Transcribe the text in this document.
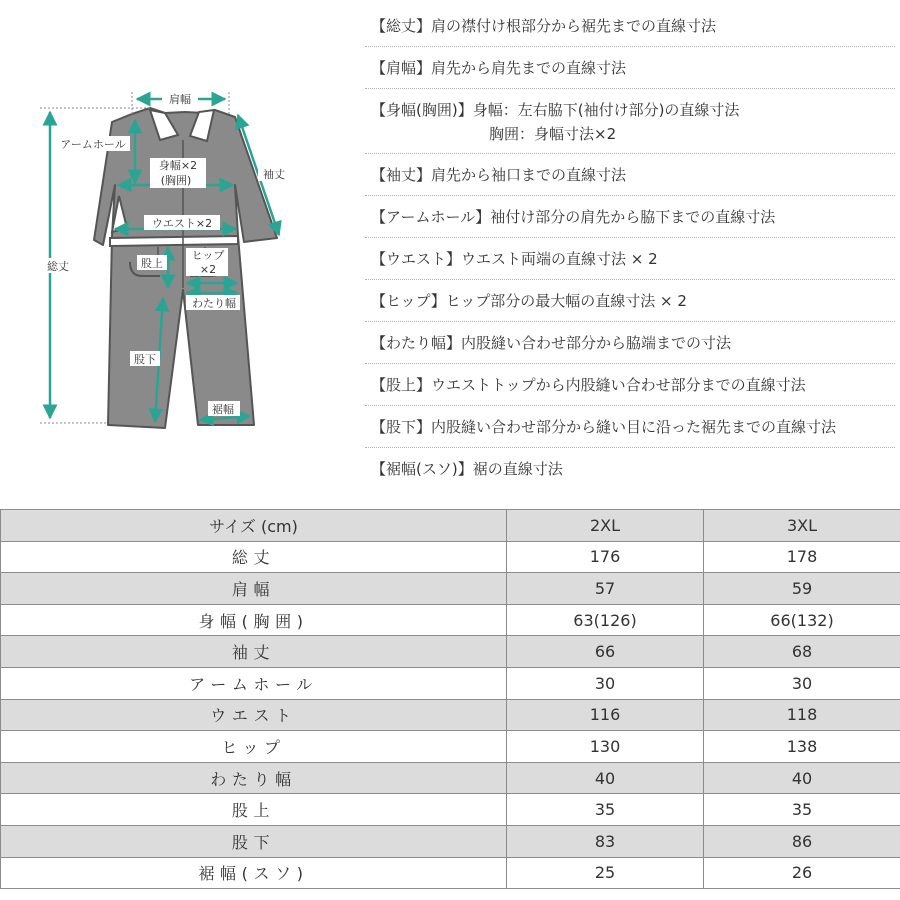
肩幅
アームホール
身幅×2
(胸囲)	袖丈
ウエスト×2
総丈	股上
ヒップ
×2
わたり幅
股下
裾幅
【総丈】肩の襟付け根部分から裾先までの直線寸法
【肩幅】肩先から肩先までの直線寸法
【身幅(胸囲)】身幅：左右脇下(袖付け部分)の直線寸法
胸囲：身幅寸法×2
【袖丈】肩先から袖口までの直線寸法
【アームホール】袖付け部分の肩先から脇下までの直線寸法
【ウエスト】ウエスト両端の直線寸法 × 2
【ヒップ】ヒップ部分の最大幅の直線寸法 × 2
【わたり幅】内股縫い合わせ部分から脇端までの寸法
【股上】ウエストトップから内股縫い合わせ部分までの直線寸法
【股下】内股縫い合わせ部分から縫い目に沿った裾先までの直線寸法
【裾幅(スソ)】裾の直線寸法
サイズ (cm)	2XL	3XL
総丈	176	178
肩幅	57	59
身幅(胸囲)	63(126)	66(132)
袖丈	66	68
アームホール	30	30
ウエスト	116	118
ヒップ	130	138
わたり幅	40	40
股上	35	35
股下	83	86
裾幅(スソ)	25	26
